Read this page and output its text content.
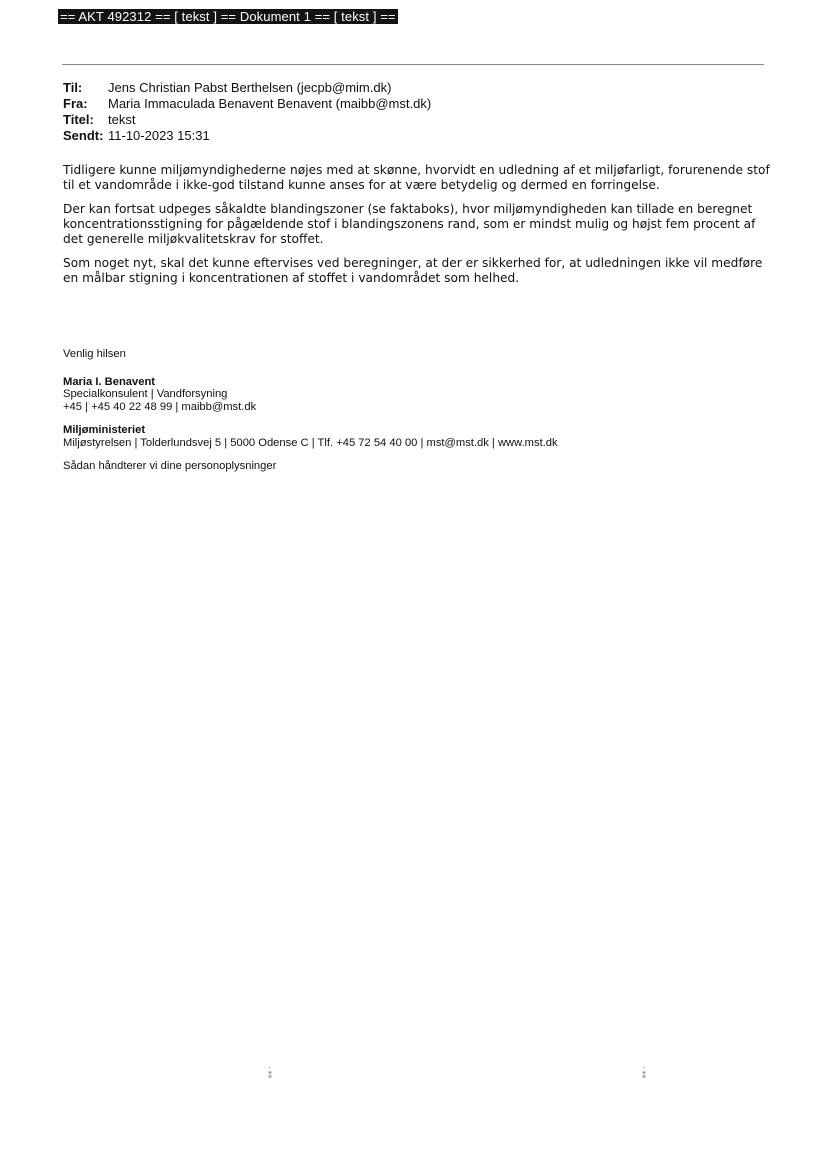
== AKT 492312 == [ tekst ] == Dokument 1 == [ tekst ] ==
Til:	Jens Christian Pabst Berthelsen (jecpb@mim.dk)
Fra:	Maria Immaculada Benavent Benavent (maibb@mst.dk)
Titel:	tekst
Sendt: 11-10-2023 15:31

Tidligere kunne miljømyndighederne nøjes med at skønne, hvorvidt en udledning af et miljøfarligt, forurenende stof til et vandområde i ikke-god tilstand kunne anses for at være betydelig og dermed en forringelse.

Der kan fortsat udpeges såkaldte blandingszoner (se faktaboks), hvor miljømyndigheden kan tillade en beregnet koncentrationsstigning for pågældende stof i blandingszonens rand, som er mindst mulig og højst fem procent af det generelle miljøkvalitetskrav for stoffet.

Som noget nyt, skal det kunne eftervises ved beregninger, at der er sikkerhed for, at udledningen ikke vil medføre en målbar stigning i koncentrationen af stoffet i vandområdet som helhed.

Venlig hilsen
Maria I. Benavent
Specialkonsulent | Vandforsyning
+45 | +45 40 22 48 99 | maibb@mst.dk
Miljøministeriet
Miljøstyrelsen | Tolderlundsvej 5 | 5000 Odense C | Tlf. +45 72 54 40 00 | mst@mst.dk | www.mst.dk
Sådan håndterer vi dine personoplysninger
·
⁑
·
⁑
